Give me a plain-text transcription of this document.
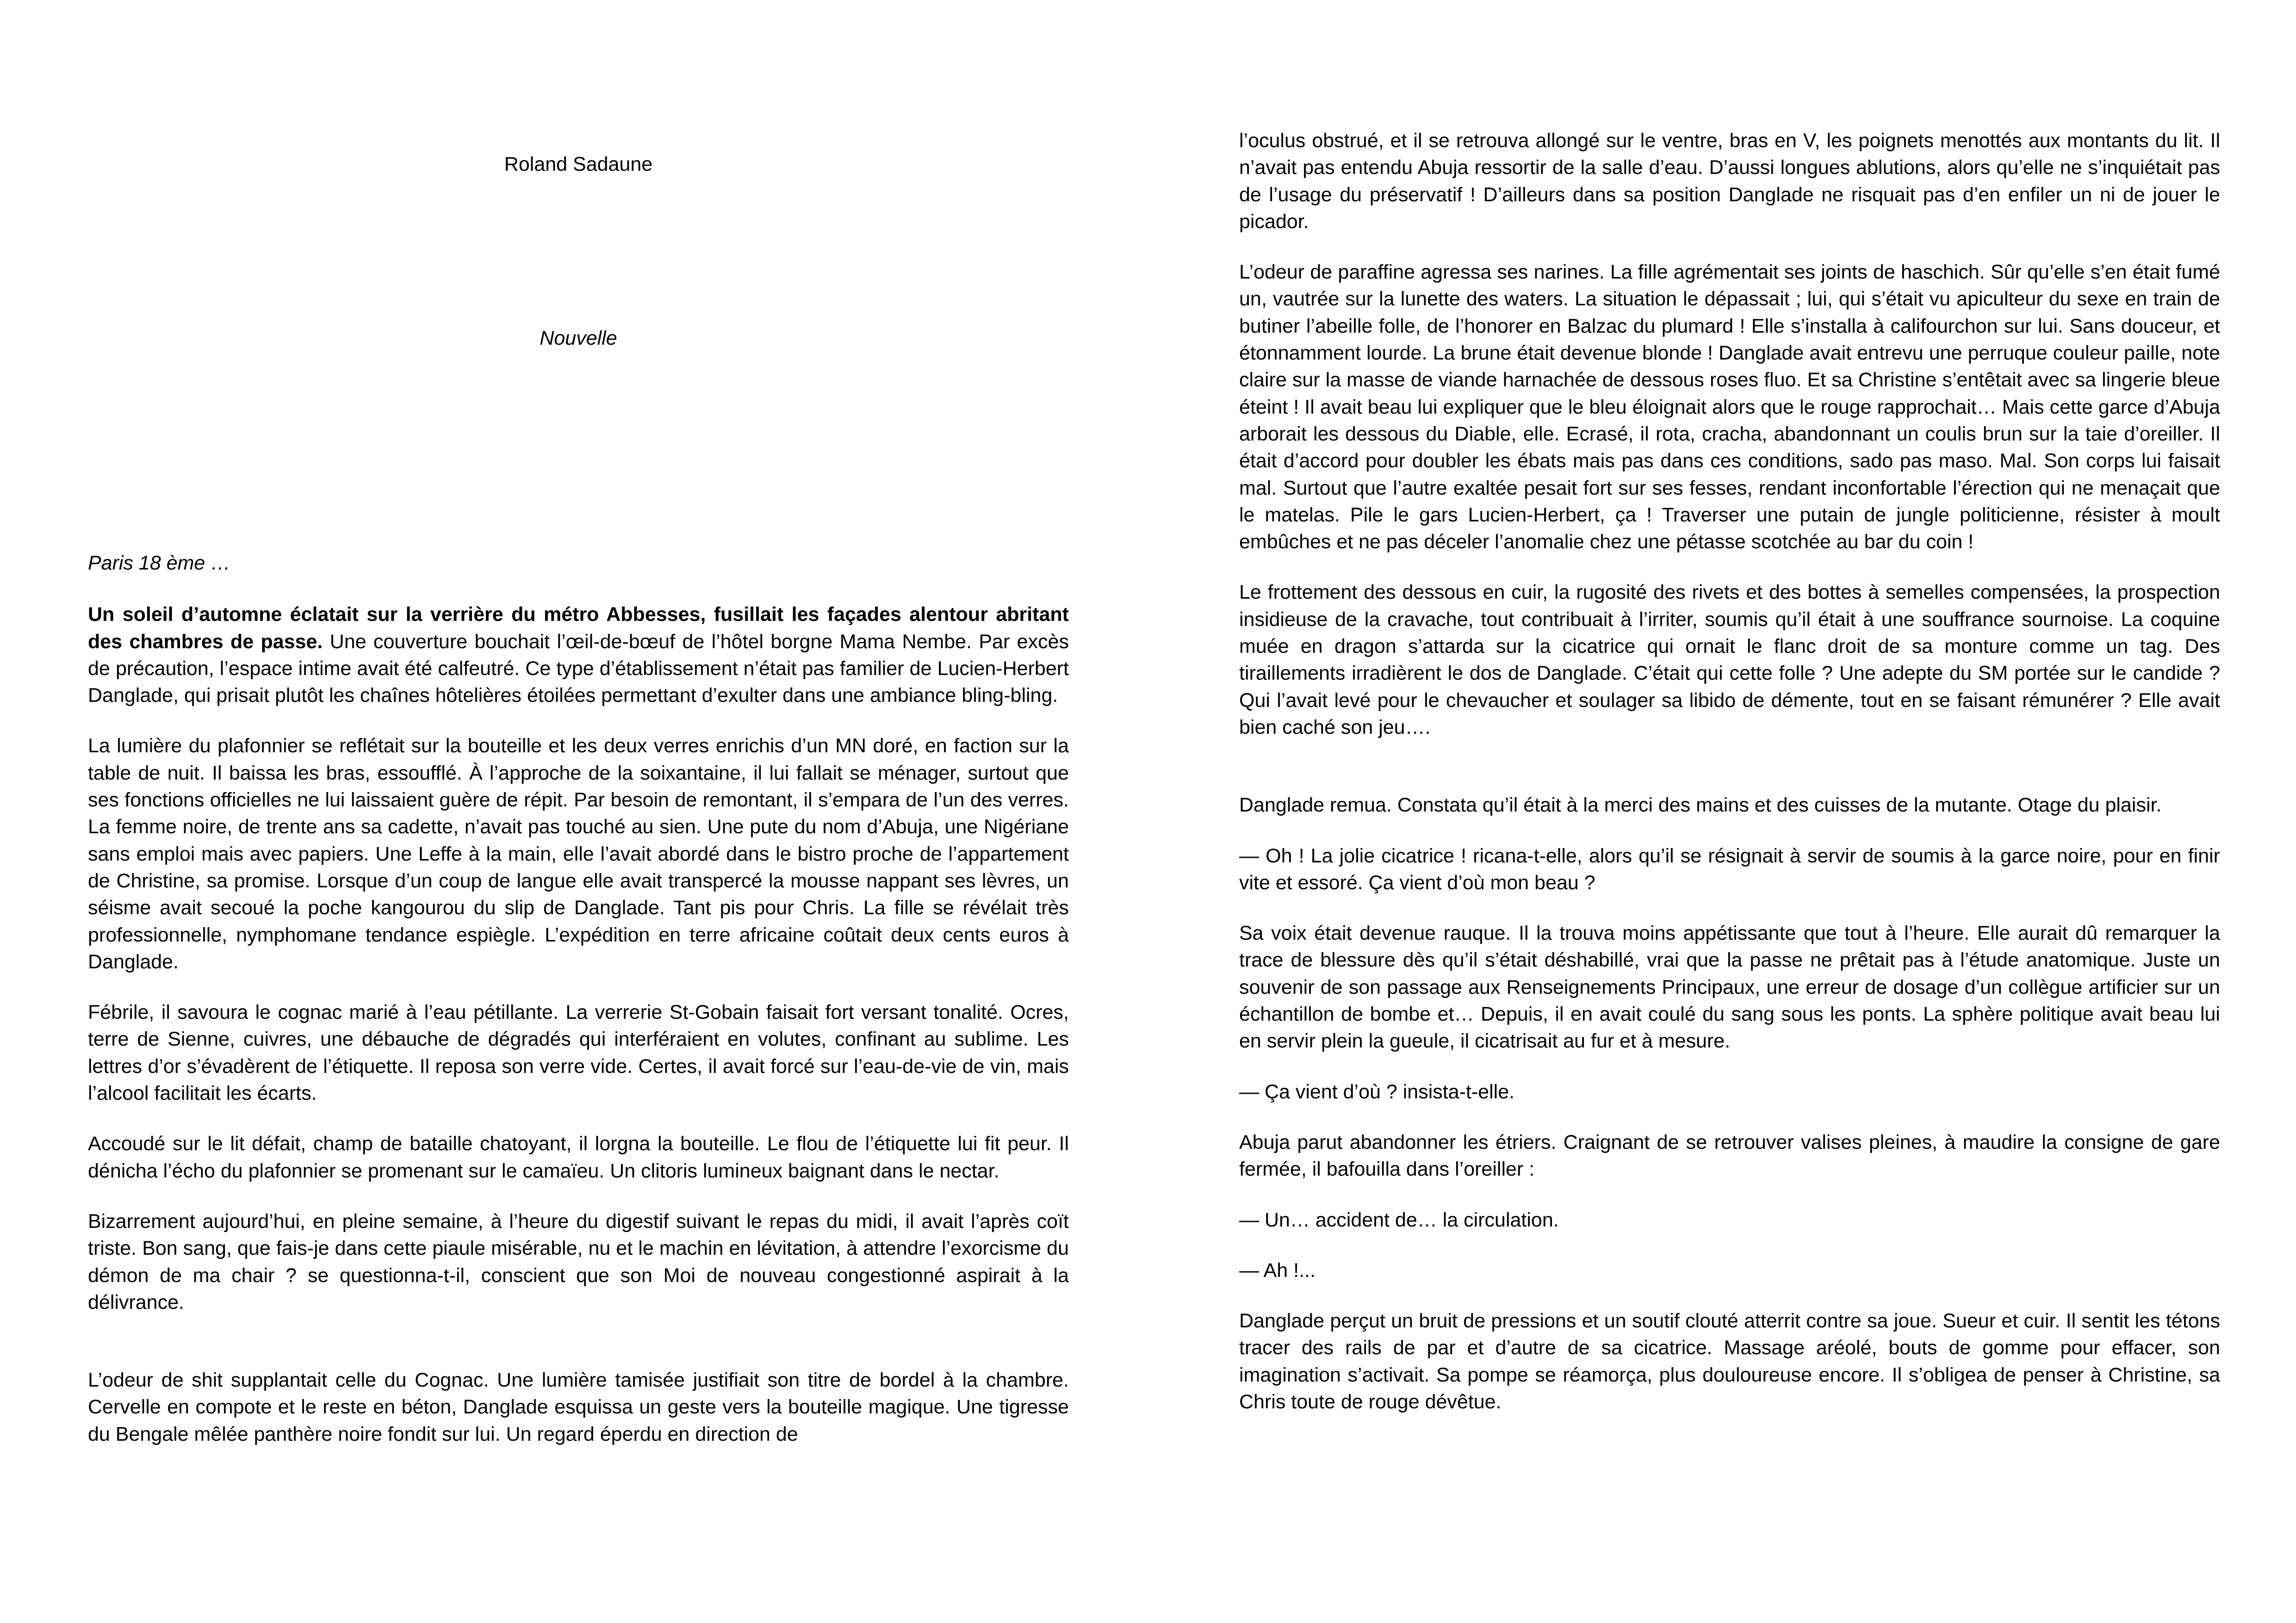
Roland Sadaune
Nouvelle

Paris 18 ème …

Un soleil d’automne éclatait sur la verrière du métro Abbesses, fusillait les façades alentour abritant des chambres de passe. Une couverture bouchait l’œil-de-bœuf de l’hôtel borgne Mama Nembe. Par excès de précaution, l’espace intime avait été calfeutré. Ce type d’établissement n’était pas familier de Lucien-Herbert Danglade, qui prisait plutôt les chaînes hôtelières étoilées permettant d’exulter dans une ambiance bling-bling.

La lumière du plafonnier se reflétait sur la bouteille et les deux verres enrichis d’un MN doré, en faction sur la table de nuit. Il baissa les bras, essoufflé. À l’approche de la soixantaine, il lui fallait se ménager, surtout que ses fonctions officielles ne lui laissaient guère de répit. Par besoin de remontant, il s’empara de l’un des verres. La femme noire, de trente ans sa cadette, n’avait pas touché au sien. Une pute du nom d’Abuja, une Nigériane sans emploi mais avec papiers. Une Leffe à la main, elle l’avait abordé dans le bistro proche de l’appartement de Christine, sa promise. Lorsque d’un coup de langue elle avait transpercé la mousse nappant ses lèvres, un séisme avait secoué la poche kangourou du slip de Danglade. Tant pis pour Chris. La fille se révélait très professionnelle, nymphomane tendance espiègle. L’expédition en terre africaine coûtait deux cents euros à Danglade.

Fébrile, il savoura le cognac marié à l’eau pétillante. La verrerie St-Gobain faisait fort versant tonalité. Ocres, terre de Sienne, cuivres, une débauche de dégradés qui interféraient en volutes, confinant au sublime. Les lettres d’or s’évadèrent de l’étiquette. Il reposa son verre vide. Certes, il avait forcé sur l’eau-de-vie de vin, mais l’alcool facilitait les écarts.

Accoudé sur le lit défait, champ de bataille chatoyant, il lorgna la bouteille. Le flou de l’étiquette lui fit peur. Il dénicha l’écho du plafonnier se promenant sur le camaïeu. Un clitoris lumineux baignant dans le nectar.

Bizarrement aujourd’hui, en pleine semaine, à l’heure du digestif suivant le repas du midi, il avait l’après coït triste. Bon sang, que fais-je dans cette piaule misérable, nu et le machin en lévitation, à attendre l’exorcisme du démon de ma chair ? se questionna-t-il, conscient que son Moi de nouveau congestionné aspirait à la délivrance.

L’odeur de shit supplantait celle du Cognac. Une lumière tamisée justifiait son titre de bordel à la chambre. Cervelle en compote et le reste en béton, Danglade esquissa un geste vers la bouteille magique. Une tigresse du Bengale mêlée panthère noire fondit sur lui. Un regard éperdu en direction de

l’oculus obstrué, et il se retrouva allongé sur le ventre, bras en V, les poignets menottés aux montants du lit. Il n’avait pas entendu Abuja ressortir de la salle d’eau. D’aussi longues ablutions, alors qu’elle ne s’inquiétait pas de l’usage du préservatif ! D’ailleurs dans sa position Danglade ne risquait pas d’en enfiler un ni de jouer le picador.

L’odeur de paraffine agressa ses narines. La fille agrémentait ses joints de haschich. Sûr qu’elle s’en était fumé un, vautrée sur la lunette des waters. La situation le dépassait ; lui, qui s’était vu apiculteur du sexe en train de butiner l’abeille folle, de l’honorer en Balzac du plumard ! Elle s’installa à califourchon sur lui. Sans douceur, et étonnamment lourde. La brune était devenue blonde ! Danglade avait entrevu une perruque couleur paille, note claire sur la masse de viande harnachée de dessous roses fluo. Et sa Christine s’entêtait avec sa lingerie bleue éteint ! Il avait beau lui expliquer que le bleu éloignait alors que le rouge rapprochait… Mais cette garce d’Abuja arborait les dessous du Diable, elle. Ecrasé, il rota, cracha, abandonnant un coulis brun sur la taie d’oreiller. Il était d’accord pour doubler les ébats mais pas dans ces conditions, sado pas maso. Mal. Son corps lui faisait mal. Surtout que l’autre exaltée pesait fort sur ses fesses, rendant inconfortable l’érection qui ne menaçait que le matelas. Pile le gars Lucien-Herbert, ça ! Traverser une putain de jungle politicienne, résister à moult embûches et ne pas déceler l’anomalie chez une pétasse scotchée au bar du coin !

Le frottement des dessous en cuir, la rugosité des rivets et des bottes à semelles compensées, la prospection insidieuse de la cravache, tout contribuait à l’irriter, soumis qu’il était à une souffrance sournoise. La coquine muée en dragon s’attarda sur la cicatrice qui ornait le flanc droit de sa monture comme un tag. Des tiraillements irradièrent le dos de Danglade. C’était qui cette folle ? Une adepte du SM portée sur le candide ? Qui l’avait levé pour le chevaucher et soulager sa libido de démente, tout en se faisant rémunérer ? Elle avait bien caché son jeu….

Danglade remua. Constata qu’il était à la merci des mains et des cuisses de la mutante. Otage du plaisir.

— Oh ! La jolie cicatrice ! ricana-t-elle, alors qu’il se résignait à servir de soumis à la garce noire, pour en finir vite et essoré. Ça vient d’où mon beau ?

Sa voix était devenue rauque. Il la trouva moins appétissante que tout à l’heure. Elle aurait dû remarquer la trace de blessure dès qu’il s’était déshabillé, vrai que la passe ne prêtait pas à l’étude anatomique. Juste un souvenir de son passage aux Renseignements Principaux, une erreur de dosage d’un collègue artificier sur un échantillon de bombe et… Depuis, il en avait coulé du sang sous les ponts. La sphère politique avait beau lui en servir plein la gueule, il cicatrisait au fur et à mesure.

— Ça vient d’où ? insista-t-elle.

Abuja parut abandonner les étriers. Craignant de se retrouver valises pleines, à maudire la consigne de gare fermée, il bafouilla dans l’oreiller :

— Un… accident de… la circulation.

— Ah !...

Danglade perçut un bruit de pressions et un soutif clouté atterrit contre sa joue. Sueur et cuir. Il sentit les tétons tracer des rails de par et d’autre de sa cicatrice. Massage aréolé, bouts de gomme pour effacer, son imagination s’activait. Sa pompe se réamorça, plus douloureuse encore. Il s’obligea de penser à Christine, sa Chris toute de rouge dévêtue.
